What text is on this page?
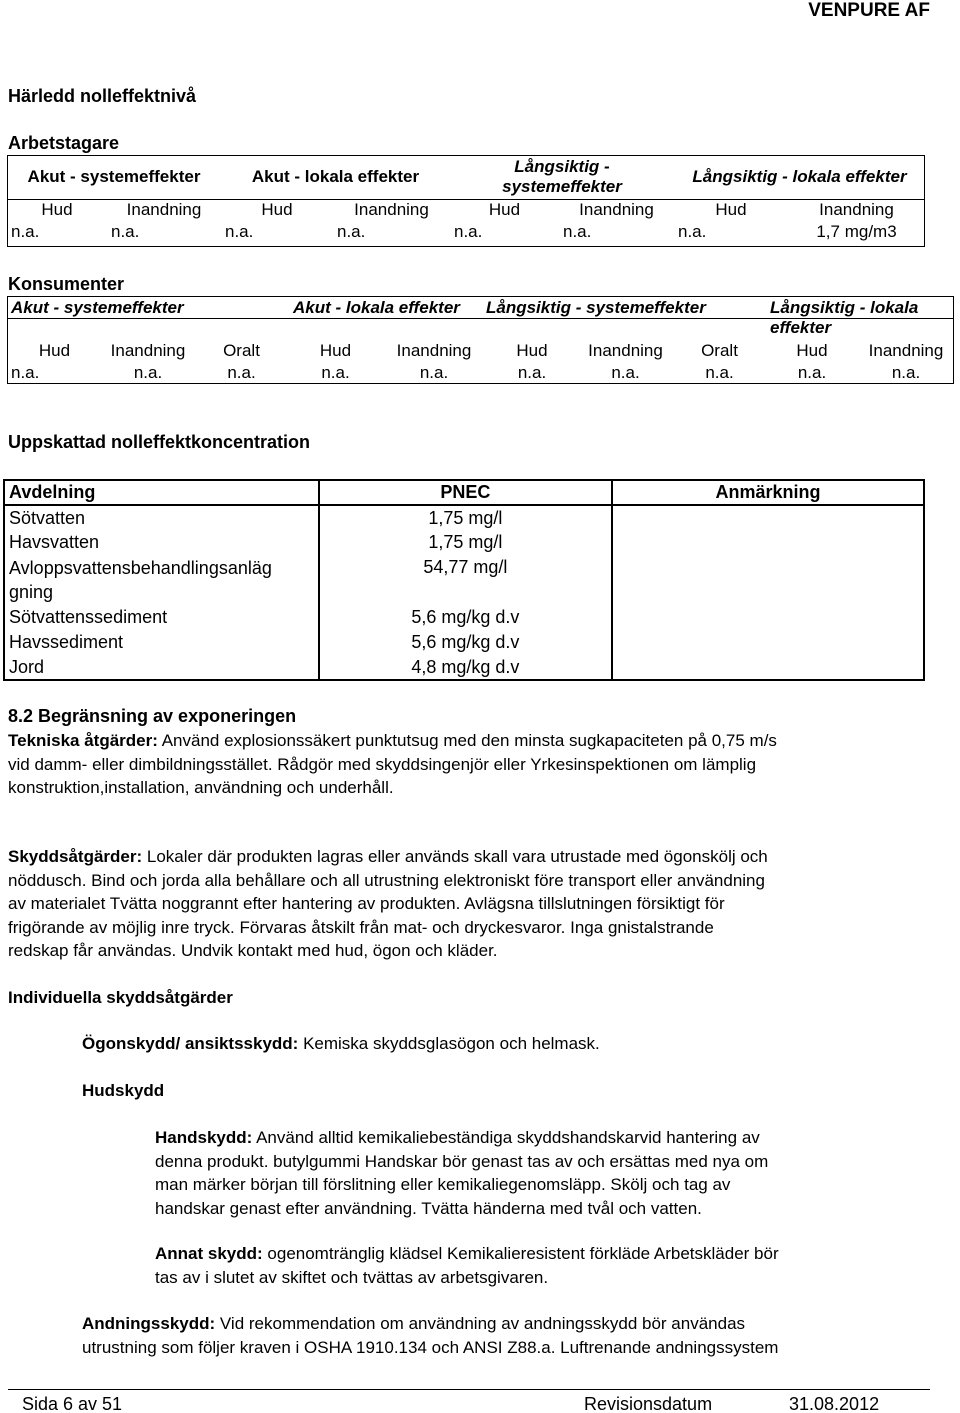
VENPURE AF
Härledd nolleffektnivå
Arbetstagare
Akut - systemeffekter		Akut - lokala effekter		Långsiktig -
systemeffekter		Långsiktig - lokala effekter	
Hud	Inandning	Hud	Inandning	Hud	Inandning	Hud	Inandning
n.a.	n.a.	n.a.	n.a.	n.a.	n.a.	n.a.	1,7 mg/m3
Konsumenter
Akut - systemeffekter			Akut - lokala effekter		Långsiktig - systemeffekter			Långsiktig - lokala
effekter	
Hud	Inandning	Oralt	Hud	Inandning	Hud	Inandning	Oralt	Hud	Inandning
n.a.	n.a.	n.a.	n.a.	n.a.	n.a.	n.a.	n.a.	n.a.	n.a.
Uppskattad nolleffektkoncentration
Avdelning	PNEC	Anmärkning
Sötvatten	1,75 mg/l	
Havsvatten	1,75 mg/l	
Avloppsvattensbehandlingsanläg
gning	54,77 mg/l	
Sötvattenssediment	5,6 mg/kg d.v	
Havssediment	5,6 mg/kg d.v	
Jord	4,8 mg/kg d.v	
8.2 Begränsning av exponeringen
Tekniska åtgärder: Använd explosionssäkert punktutsug med den minsta sugkapaciteten på 0,75 m/s
vid damm- eller dimbildningsstället. Rådgör med skyddsingenjör eller Yrkesinspektionen om lämplig
konstruktion,installation, användning och underhåll.
Skyddsåtgärder: Lokaler där produkten lagras eller används skall vara utrustade med ögonskölj och
nöddusch. Bind och jorda alla behållare och all utrustning elektroniskt före transport eller användning
av materialet Tvätta noggrannt efter hantering av produkten. Avlägsna tillslutningen försiktigt för
frigörande av möjlig inre tryck. Förvaras åtskilt från mat- och dryckesvaror. Inga gnistalstrande
redskap får användas. Undvik kontakt med hud, ögon och kläder.
Individuella skyddsåtgärder
Ögonskydd/ ansiktsskydd: Kemiska skyddsglasögon och helmask.
Hudskydd
Handskydd: Använd alltid kemikaliebeständiga skyddshandskarvid hantering av
denna produkt. butylgummi Handskar bör genast tas av och ersättas med nya om
man märker början till förslitning eller kemikaliegenomsläpp. Skölj och tag av
handskar genast efter användning. Tvätta händerna med tvål och vatten.
Annat skydd: ogenomtränglig klädsel Kemikalieresistent förkläde Arbetskläder bör
tas av i slutet av skiftet och tvättas av arbetsgivaren.
Andningsskydd: Vid rekommendation om användning av andningsskydd bör användas
utrustning som följer kraven i OSHA 1910.134 och ANSI Z88.a. Luftrenande andningssystem
Sida 6 av 51	Revisionsdatum	31.08.2012
